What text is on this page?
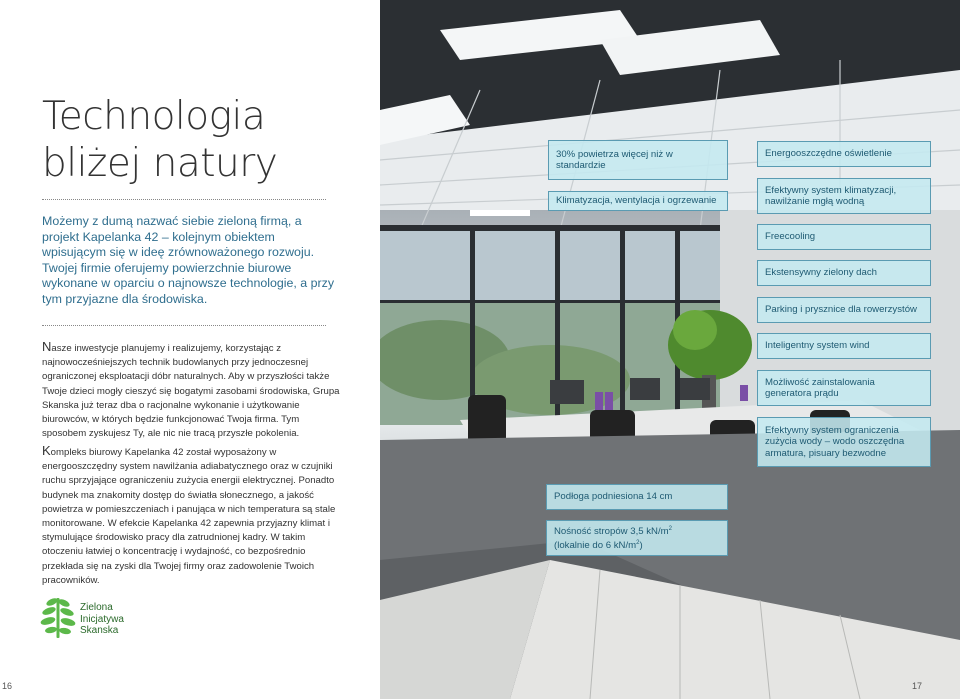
Technologia
bliżej natury
Możemy z dumą nazwać siebie zieloną firmą, a projekt Kapelanka 42 – kolejnym obiektem wpisującym się w ideę zrównoważonego rozwoju. Twojej firmie oferujemy powierzchnie biurowe wykonane w oparciu o najnowsze technologie, a przy tym przyjazne dla środowiska.
Nasze inwestycje planujemy i realizujemy, korzystając z najnowocześniejszych technik budowlanych przy jednoczesnej ograniczonej eksploatacji dóbr naturalnych. Aby w przyszłości także Twoje dzieci mogły cieszyć się bogatymi zasobami środowiska, Grupa Skanska już teraz dba o racjonalne wykonanie i użytkowanie biurowców, w których będzie funkcjonować Twoja firma. Tym sposobem zyskujesz Ty, ale nic nie tracą przyszłe pokolenia.
Kompleks biurowy Kapelanka 42 został wyposażony w energooszczędny system nawilżania adiabatycznego oraz w czujniki ruchu sprzyjające ograniczeniu zużycia energii elektrycznej. Ponadto budynek ma znakomity dostęp do światła słonecznego, a jakość powietrza w pomieszczeniach i panująca w nich temperatura są stale monitorowane. W efekcie Kapelanka 42 zapewnia przyjazny klimat i stymulujące środowisko pracy dla zatrudnionej kadry. W takim otoczeniu łatwiej o koncentrację i wydajność, co bezpośrednio przekłada się na zyski dla Twojej firmy oraz zadowolenie Twoich pracowników.
Zielona
Inicjatywa
Skanska
30% powietrza więcej niż w standardzie
Klimatyzacja, wentylacja i ogrzewanie
Energooszczędne oświetlenie
Efektywny system klimatyzacji, nawilżanie mgłą wodną
Freecooling
Ekstensywny zielony dach
Parking i prysznice dla rowerzystów
Inteligentny system wind
Możliwość zainstalowania generatora prądu
Efektywny system ograniczenia zużycia wody – wodo oszczędna armatura, pisuary bezwodne
Podłoga podniesiona 14 cm
Nośność stropów 3,5 $kN/m^2$
(lokalnie do 6 $kN/m^2$)
16	17
